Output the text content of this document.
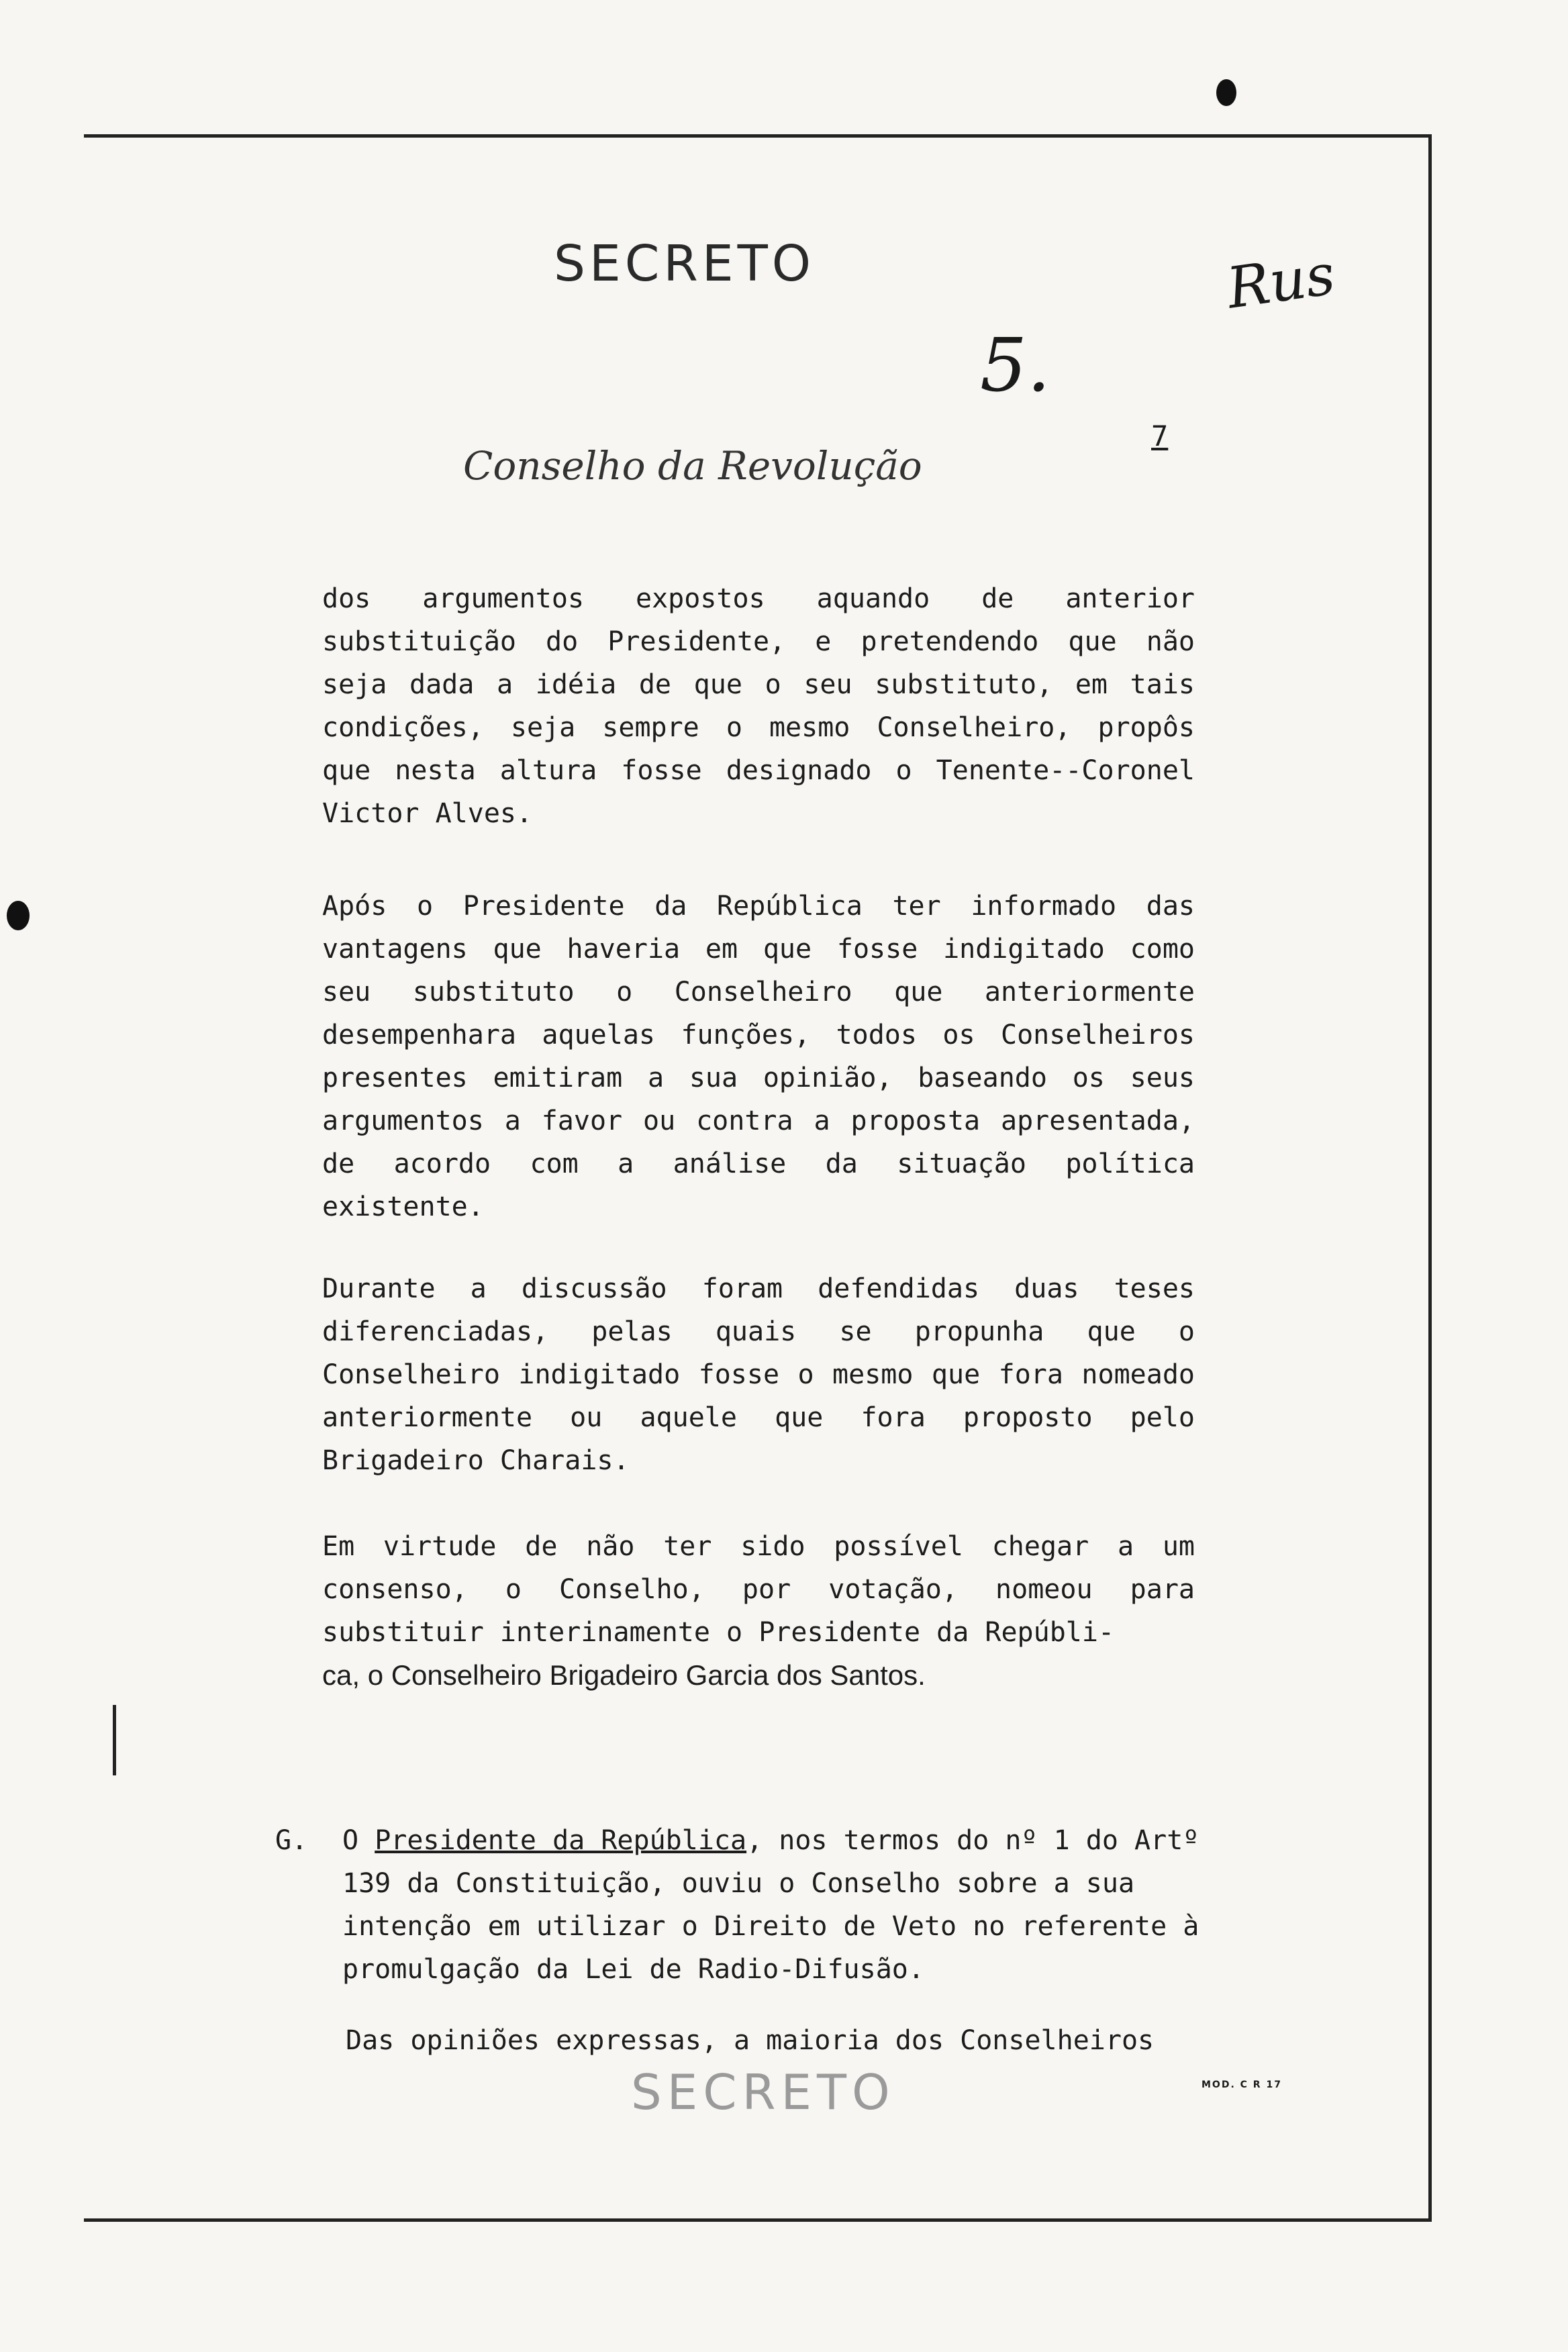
SECRETO	Rus
5.
7
Conselho da Revolução

dos argumentos expostos aquando de anterior substituição do Presidente, e pretendendo que não seja dada a idéia de que o seu substituto, em tais condições, seja sempre o mesmo Conselheiro, propôs que nesta altura fosse designado o Tenente--Coronel Victor Alves.

Após o Presidente da República ter informado das vantagens que haveria em que fosse indigitado como seu substituto o Conselheiro que anteriormente desempenhara aquelas funções, todos os Conselheiros presentes emitiram a sua opinião, baseando os seus argumentos a favor ou contra a proposta apresentada, de acordo com a análise da situação política existente.

Durante a discussão foram defendidas duas teses diferenciadas, pelas quais se propunha que o Conselheiro indigitado fosse o mesmo que fora nomeado anteriormente ou aquele que fora proposto pelo Brigadeiro Charais.

Em virtude de não ter sido possível chegar a um consenso, o Conselho, por votação, nomeou para substituir interinamente o Presidente da Repúbli-

ca, o Conselheiro Brigadeiro Garcia dos Santos.

G. O Presidente da República, nos termos do nº 1 do Artº 139 da Constituição, ouviu o Conselho sobre a sua intenção em utilizar o Direito de Veto no referente à promulgação da Lei de Radio-Difusão.

Das opiniões expressas, a maioria dos Conselheiros
SECRETO	MOD. C R 17
